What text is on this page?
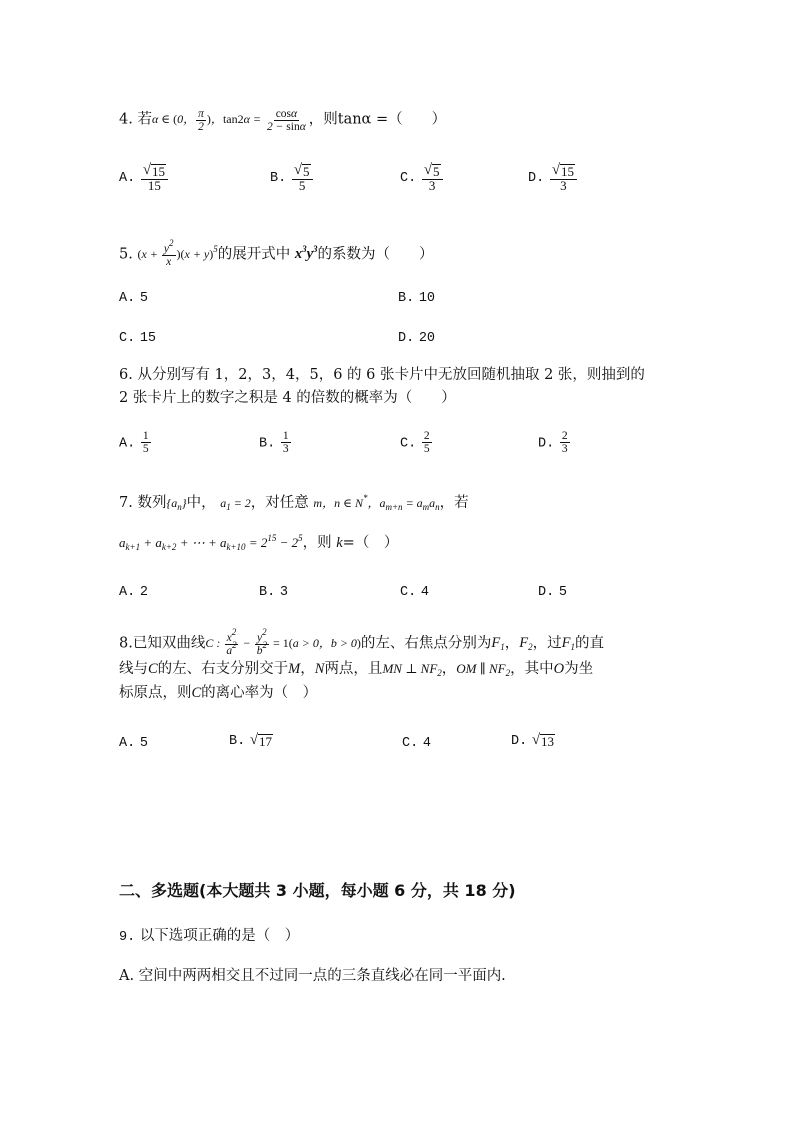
4. 若α ∈ (0， $\frac{\pi}{2}$ )，$\tan 2\alpha = \frac{\cos\alpha}{2 - \sin\alpha}$ ，则tanα =（　　）
A. $\frac{√ 15}{15}$	B. $\frac{√ 5}{5}$	C. $\frac{√ 5}{3}$	D. $\frac{√ 15}{3}$
5. $(x + \frac{y^2}{x} )(x + y)^5$的展开式中 $x^3y^3$的系数为（　　）
A. 5	B. 10
C. 15	D. 20
6. 从分别写有 1，2，3，4，5，6 的 6 张卡片中无放回随机抽取 2 张，则抽到的
2 张卡片上的数字之积是 4 的倍数的概率为（　　）
A. $\frac{1}{5}$	B. $\frac{1}{3}$	C. $\frac{2}{5}$	D. $\frac{2}{3}$
7. 数列$\{a_n\}$中， $a_1 = 2$，对任意 m，n ∈ N*，$a_{m+n} = a_ma_n$，若
$a_{k+1} + a_{k+2}$ + ⋯ + $a_{k+10} = 2^{15} - 2^5$，则 k=（　）
A. 2	B. 3	C. 4	D. 5
8.已知双曲线C : $\frac{x^2}{a^2} - \frac{y^2}{b^2} = 1(a > 0$，b > 0)的左、右焦点分别为$F_1$，$F_2$，过$F_1$的直
线与C的左、右支分别交于M，N两点，且MN ⊥ $NF_2$，OM ∥ $NF_2$，其中O为坐
标原点，则C的离心率为（　）
A. 5	B. √ 17	C. 4	D. √ 13
二、多选题(本大题共 3 小题，每小题 6 分，共 18 分)
9. 以下选项正确的是（　）
A. 空间中两两相交且不过同一点的三条直线必在同一平面内.
